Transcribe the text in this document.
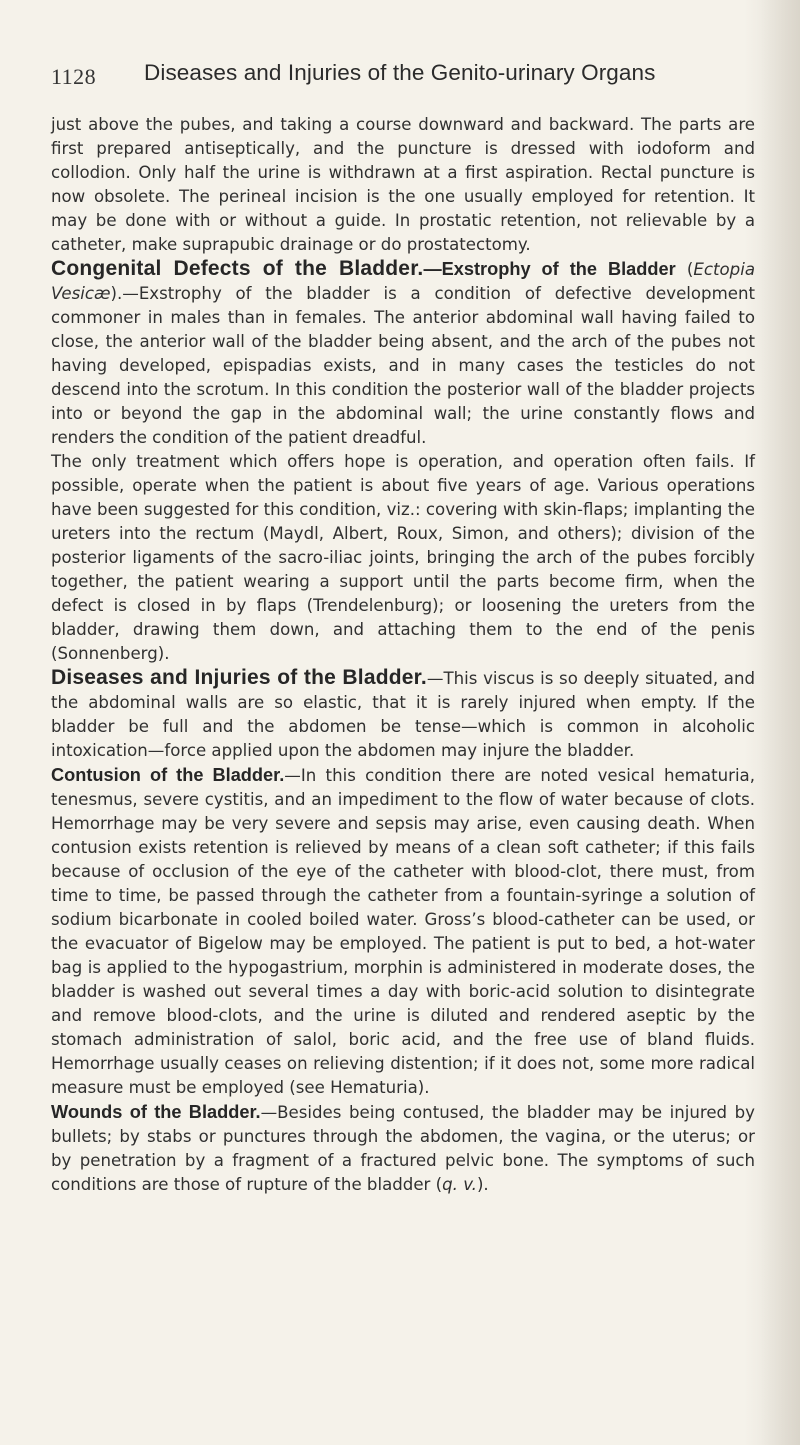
1128 Diseases and Injuries of the Genito-urinary Organs

just above the pubes, and taking a course downward and backward. The parts are first prepared antiseptically, and the puncture is dressed with iodoform and collodion. Only half the urine is withdrawn at a first aspiration. Rectal puncture is now obsolete. The perineal incision is the one usually employed for retention. It may be done with or without a guide. In prostatic retention, not relievable by a catheter, make suprapubic drainage or do prostatectomy.

Congenital Defects of the Bladder.—Exstrophy of the Bladder (Ectopia Vesicæ).—Exstrophy of the bladder is a condition of defective development commoner in males than in females. The anterior abdominal wall having failed to close, the anterior wall of the bladder being absent, and the arch of the pubes not having developed, epispadias exists, and in many cases the testicles do not descend into the scrotum. In this condition the posterior wall of the bladder projects into or beyond the gap in the abdominal wall; the urine constantly flows and renders the condition of the patient dreadful.

The only treatment which offers hope is operation, and operation often fails. If possible, operate when the patient is about five years of age. Various operations have been suggested for this condition, viz.: covering with skin-flaps; implanting the ureters into the rectum (Maydl, Albert, Roux, Simon, and others); division of the posterior ligaments of the sacro-iliac joints, bringing the arch of the pubes forcibly together, the patient wearing a support until the parts become firm, when the defect is closed in by flaps (Trendelenburg); or loosening the ureters from the bladder, drawing them down, and attaching them to the end of the penis (Sonnenberg).

Diseases and Injuries of the Bladder.—This viscus is so deeply situated, and the abdominal walls are so elastic, that it is rarely injured when empty. If the bladder be full and the abdomen be tense—which is common in alcoholic intoxication—force applied upon the abdomen may injure the bladder.

Contusion of the Bladder.—In this condition there are noted vesical hematuria, tenesmus, severe cystitis, and an impediment to the flow of water because of clots. Hemorrhage may be very severe and sepsis may arise, even causing death. When contusion exists retention is relieved by means of a clean soft catheter; if this fails because of occlusion of the eye of the catheter with blood-clot, there must, from time to time, be passed through the catheter from a fountain-syringe a solution of sodium bicarbonate in cooled boiled water. Gross’s blood-catheter can be used, or the evacuator of Bigelow may be employed. The patient is put to bed, a hot-water bag is applied to the hypogastrium, morphin is administered in moderate doses, the bladder is washed out several times a day with boric-acid solution to disintegrate and remove blood-clots, and the urine is diluted and rendered aseptic by the stomach administration of salol, boric acid, and the free use of bland fluids. Hemorrhage usually ceases on relieving distention; if it does not, some more radical measure must be employed (see Hematuria).

Wounds of the Bladder.—Besides being contused, the bladder may be injured by bullets; by stabs or punctures through the abdomen, the vagina, or the uterus; or by penetration by a fragment of a fractured pelvic bone. The symptoms of such conditions are those of rupture of the bladder (q. v.).
